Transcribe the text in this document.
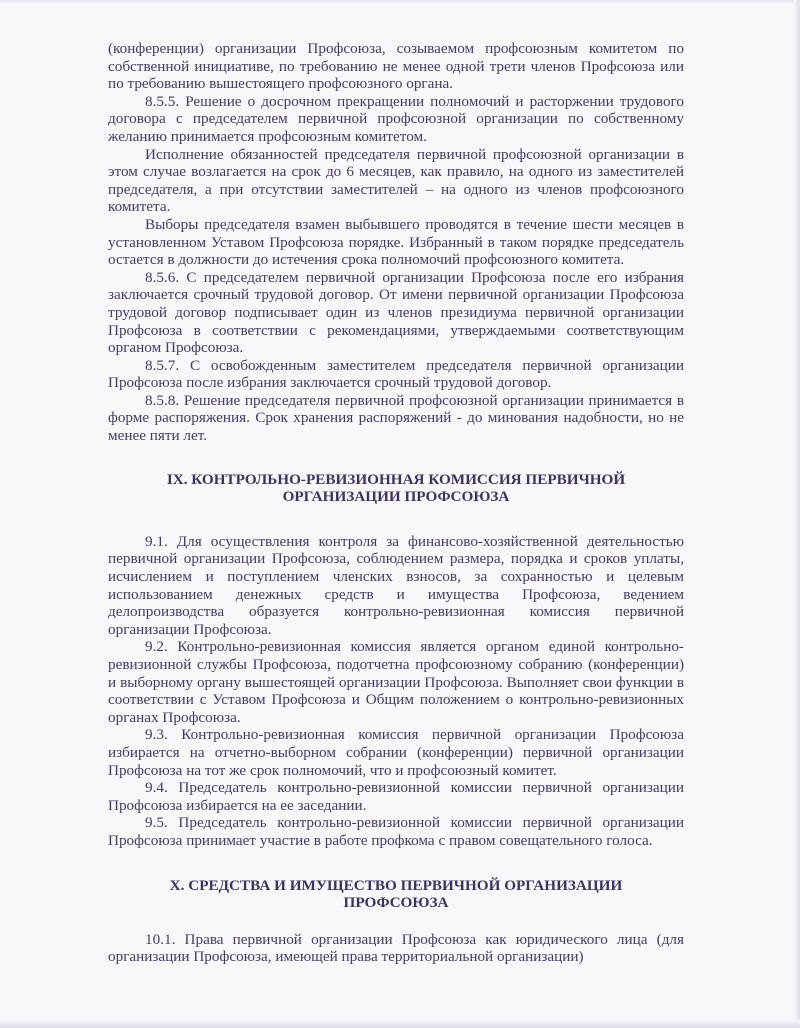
(конференции) организации Профсоюза, созываемом профсоюзным комитетом по собственной инициативе, по требованию не менее одной трети членов Профсоюза или по требованию вышестоящего профсоюзного органа.

8.5.5. Решение о досрочном прекращении полномочий и расторжении трудового договора с председателем первичной профсоюзной организации по собственному желанию принимается профсоюзным комитетом.

Исполнение обязанностей председателя первичной профсоюзной организации в этом случае возлагается на срок до 6 месяцев, как правило, на одного из заместителей председателя, а при отсутствии заместителей – на одного из членов профсоюзного комитета.

Выборы председателя взамен выбывшего проводятся в течение шести месяцев в установленном Уставом Профсоюза порядке. Избранный в таком порядке председатель остается в должности до истечения срока полномочий профсоюзного комитета.

8.5.6. С председателем первичной организации Профсоюза после его избрания заключается срочный трудовой договор. От имени первичной организации Профсоюза трудовой договор подписывает один из членов президиума первичной организации Профсоюза в соответствии с рекомендациями, утверждаемыми соответствующим органом Профсоюза.

8.5.7. С освобожденным заместителем председателя первичной организации Профсоюза после избрания заключается срочный трудовой договор.

8.5.8. Решение председателя первичной профсоюзной организации принимается в форме распоряжения. Срок хранения распоряжений - до минования надобности, но не менее пяти лет.

IX. КОНТРОЛЬНО-РЕВИЗИОННАЯ КОМИССИЯ ПЕРВИЧНОЙ ОРГАНИЗАЦИИ ПРОФСОЮЗА

9.1. Для осуществления контроля за финансово-хозяйственной деятельностью первичной организации Профсоюза, соблюдением размера, порядка и сроков уплаты, исчислением и поступлением членских взносов, за сохранностью и целевым использованием денежных средств и имущества Профсоюза, ведением делопроизводства образуется контрольно-ревизионная комиссия первичной организации Профсоюза.

9.2. Контрольно-ревизионная комиссия является органом единой контрольно-ревизионной службы Профсоюза, подотчетна профсоюзному собранию (конференции) и выборному органу вышестоящей организации Профсоюза. Выполняет свои функции в соответствии с Уставом Профсоюза и Общим положением о контрольно-ревизионных органах Профсоюза.

9.3. Контрольно-ревизионная комиссия первичной организации Профсоюза избирается на отчетно-выборном собрании (конференции) первичной организации Профсоюза на тот же срок полномочий, что и профсоюзный комитет.

9.4. Председатель контрольно-ревизионной комиссии первичной организации Профсоюза избирается на ее заседании.

9.5. Председатель контрольно-ревизионной комиссии первичной организации Профсоюза принимает участие в работе профкома с правом совещательного голоса.

X. СРЕДСТВА И ИМУЩЕСТВО ПЕРВИЧНОЙ ОРГАНИЗАЦИИ ПРОФСОЮЗА

10.1. Права первичной организации Профсоюза как юридического лица (для организации Профсоюза, имеющей права территориальной организации)
